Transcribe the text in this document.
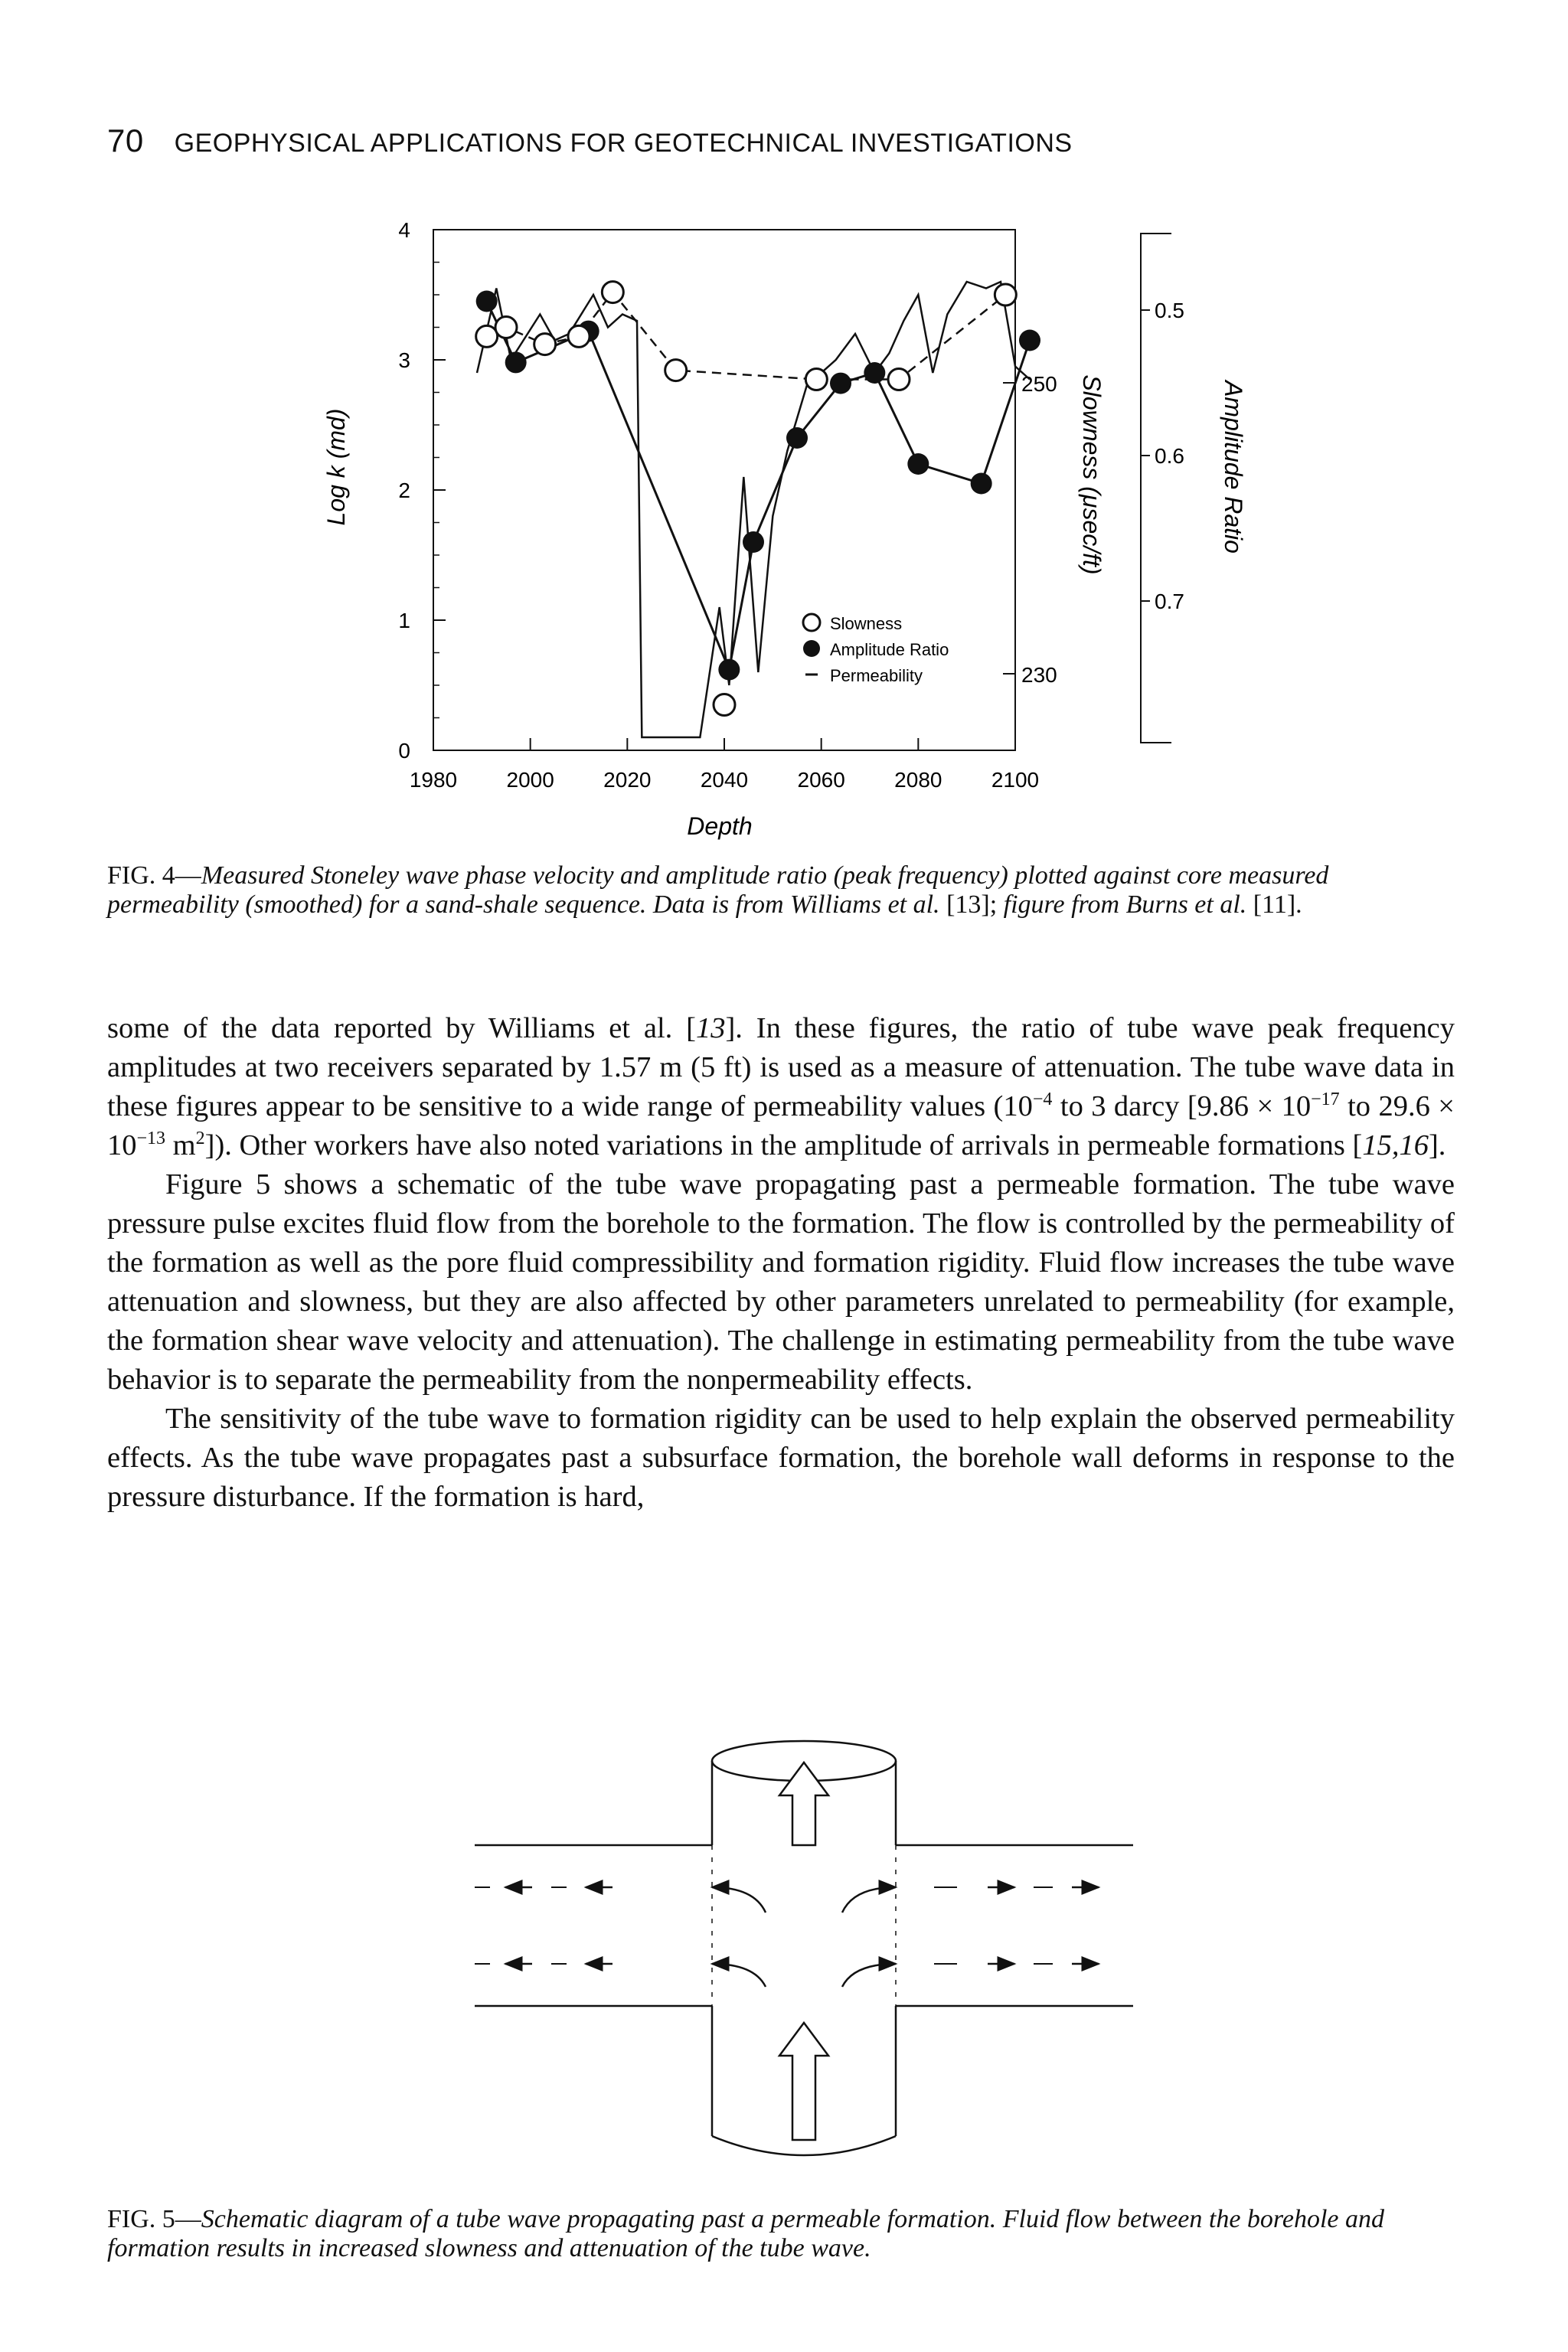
70 GEOPHYSICAL APPLICATIONS FOR GEOTECHNICAL INVESTIGATIONS
0
1
2
3
4
1980 2000 2020 2040 2060 2080 2100
Log k (md)
Depth
250
230
Slowness (μsec/ft)
0.5
0.6
0.7
Amplitude Ratio
Slowness
Amplitude Ratio
Permeability
FIG. 4—Measured Stoneley wave phase velocity and amplitude ratio (peak frequency) plotted against core measured permeability (smoothed) for a sand-shale sequence. Data is from Williams et al. [13]; figure from Burns et al. [11].

some of the data reported by Williams et al. [13]. In these figures, the ratio of tube wave peak frequency amplitudes at two receivers separated by 1.57 m (5 ft) is used as a measure of attenuation. The tube wave data in these figures appear to be sensitive to a wide range of permeability values ($10^{-4}$ to 3 darcy [$9.86 \times 10^{-17}$ to $29.6 \times 10^{-13}$ $m^2$]). Other workers have also noted variations in the amplitude of arrivals in permeable formations [15,16].

Figure 5 shows a schematic of the tube wave propagating past a permeable formation. The tube wave pressure pulse excites fluid flow from the borehole to the formation. The flow is controlled by the permeability of the formation as well as the pore fluid compressibility and formation rigidity. Fluid flow increases the tube wave attenuation and slowness, but they are also affected by other parameters unrelated to permeability (for example, the formation shear wave velocity and attenuation). The challenge in estimating permeability from the tube wave behavior is to separate the permeability from the nonpermeability effects.

The sensitivity of the tube wave to formation rigidity can be used to help explain the observed permeability effects. As the tube wave propagates past a subsurface formation, the borehole wall deforms in response to the pressure disturbance. If the formation is hard,

FIG. 5—Schematic diagram of a tube wave propagating past a permeable formation. Fluid flow between the borehole and formation results in increased slowness and attenuation of the tube wave.
